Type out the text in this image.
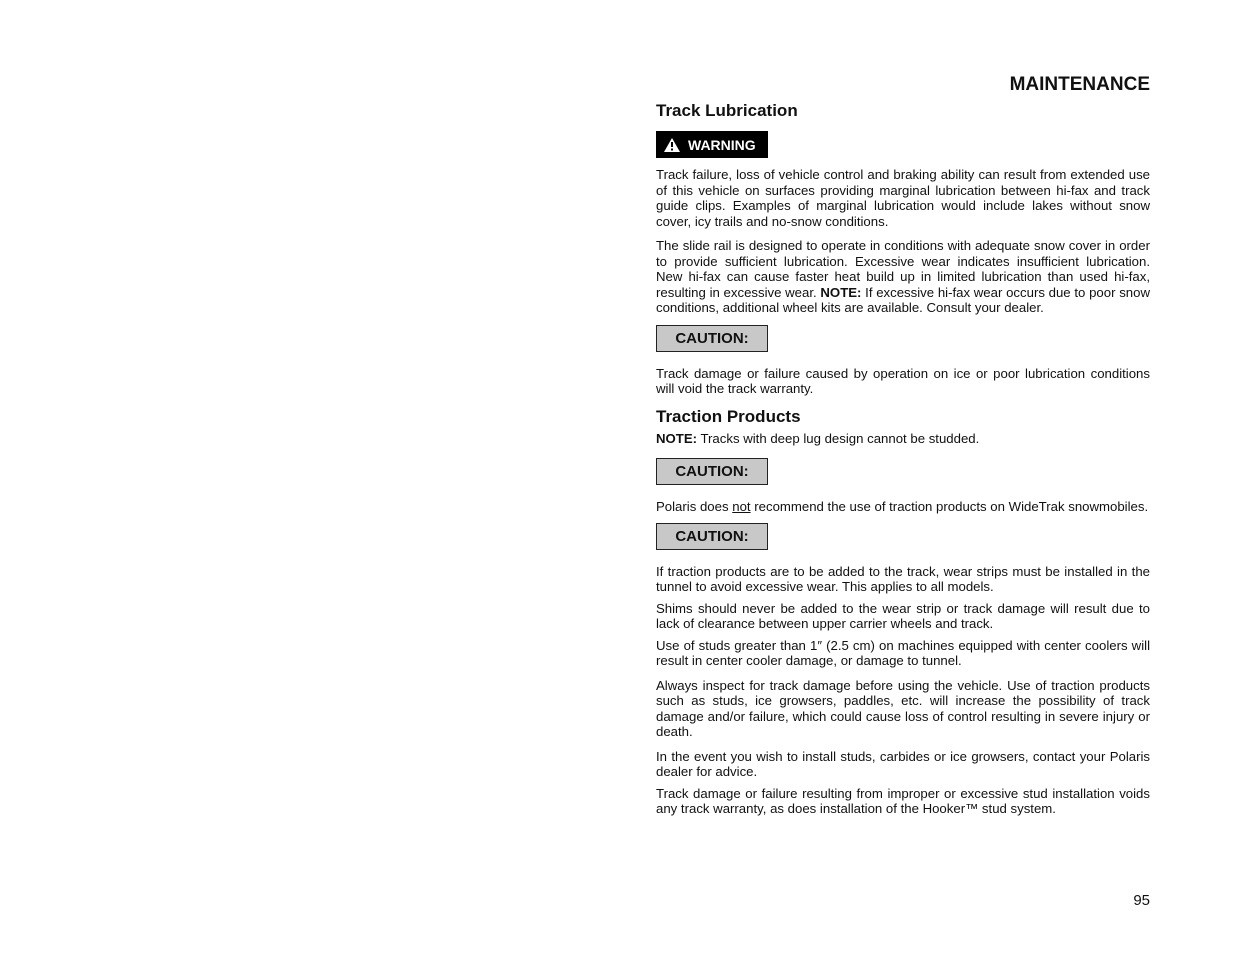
MAINTENANCE
Track Lubrication
WARNING

Track failure, loss of vehicle control and braking ability can result from extended use of this vehicle on surfaces providing marginal lubrication between hi-fax and track guide clips. Examples of marginal lubrication would include lakes without snow cover, icy trails and no-snow conditions.

The slide rail is designed to operate in conditions with adequate snow cover in order to provide sufficient lubrication. Excessive wear indicates insufficient lubrication. New hi-fax can cause faster heat build up in limited lubrication than used hi-fax, resulting in excessive wear. NOTE: If excessive hi-fax wear occurs due to poor snow conditions, additional wheel kits are available. Consult your dealer.

CAUTION:

Track damage or failure caused by operation on ice or poor lubrication conditions will void the track warranty.

Traction Products

NOTE: Tracks with deep lug design cannot be studded.

CAUTION:

Polaris does not recommend the use of traction products on WideTrak snowmobiles.

CAUTION:

If traction products are to be added to the track, wear strips must be installed in the tunnel to avoid excessive wear. This applies to all models.

Shims should never be added to the wear strip or track damage will result due to lack of clearance between upper carrier wheels and track.

Use of studs greater than 1″ (2.5 cm) on machines equipped with center coolers will result in center cooler damage, or damage to tunnel.

Always inspect for track damage before using the vehicle. Use of traction products such as studs, ice growsers, paddles, etc. will increase the possibility of track damage and/or failure, which could cause loss of control resulting in severe injury or death.

In the event you wish to install studs, carbides or ice growsers, contact your Polaris dealer for advice.

Track damage or failure resulting from improper or excessive stud installation voids any track warranty, as does installation of the Hooker™ stud system.

95
